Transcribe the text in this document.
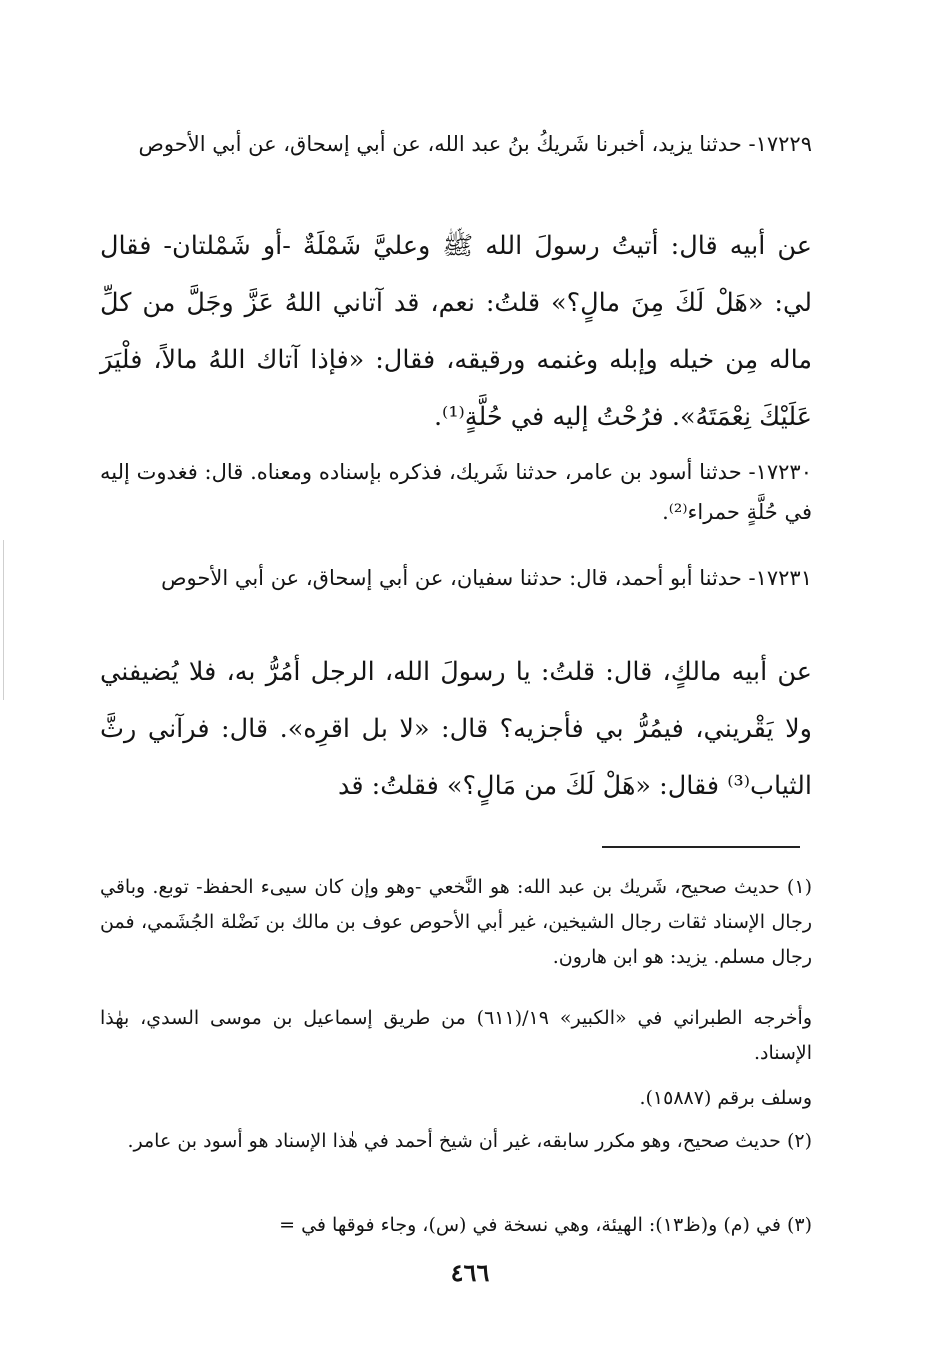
١٧٢٢٩- حدثنا يزيد، أخبرنا شَريكُ بنُ عبد الله، عن أبي إسحاق، عن أبي الأحوص

عن أبيه قال: أتيتُ رسولَ الله ﷺ وعليَّ شَمْلَةٌ -أو شَمْلتان- فقال لي: «هَلْ لَكَ مِنَ مالٍ؟» قلتُ: نعم، قد آتاني اللهُ عَزَّ وجَلَّ من كلِّ ماله مِن خيله وإبله وغنمه ورقيقه، فقال: «فإذا آتاك اللهُ مالاً، فلْيَرَ عَلَيْكَ نِعْمَتَهُ». فرُحْتُ إليه في حُلَّةٍ⁽¹⁾.

١٧٢٣٠- حدثنا أسود بن عامر، حدثنا شَريك، فذكره بإسناده ومعناه. قال: فغدوت إليه في حُلَّةٍ حمراء⁽²⁾.

١٧٢٣١- حدثنا أبو أحمد، قال: حدثنا سفيان، عن أبي إسحاق، عن أبي الأحوص

عن أبيه مالكٍ، قال: قلتُ: يا رسولَ الله، الرجل أمُرُّ به، فلا يُضيفني ولا يَقْريني، فيمُرُّ بي فأجزيه؟ قال: «لا بل اقرِه». قال: فرآني رثَّ الثياب⁽³⁾ فقال: «هَلْ لَكَ من مَالٍ؟» فقلتُ: قد

(١) حديث صحيح، شَريك بن عبد الله: هو النَّخعي -وهو وإن كان سيىء الحفظ- توبع. وباقي رجال الإسناد ثقات رجال الشيخين، غير أبي الأحوص عوف بن مالك بن نَضْلة الجُشَمي، فمن رجال مسلم. يزيد: هو ابن هارون.

وأخرجه الطبراني في «الكبير» ١٩/(٦١١) من طريق إسماعيل بن موسى السدي، بهٰذا الإسناد.

وسلف برقم (١٥٨٨٧).

(٢) حديث صحيح، وهو مكرر سابقه، غير أن شيخ أحمد في هٰذا الإسناد هو أسود بن عامر.

(٣) في (م) و(ظ١٣): الهيئة، وهي نسخة في (س)، وجاء فوقها في =

٤٦٦
